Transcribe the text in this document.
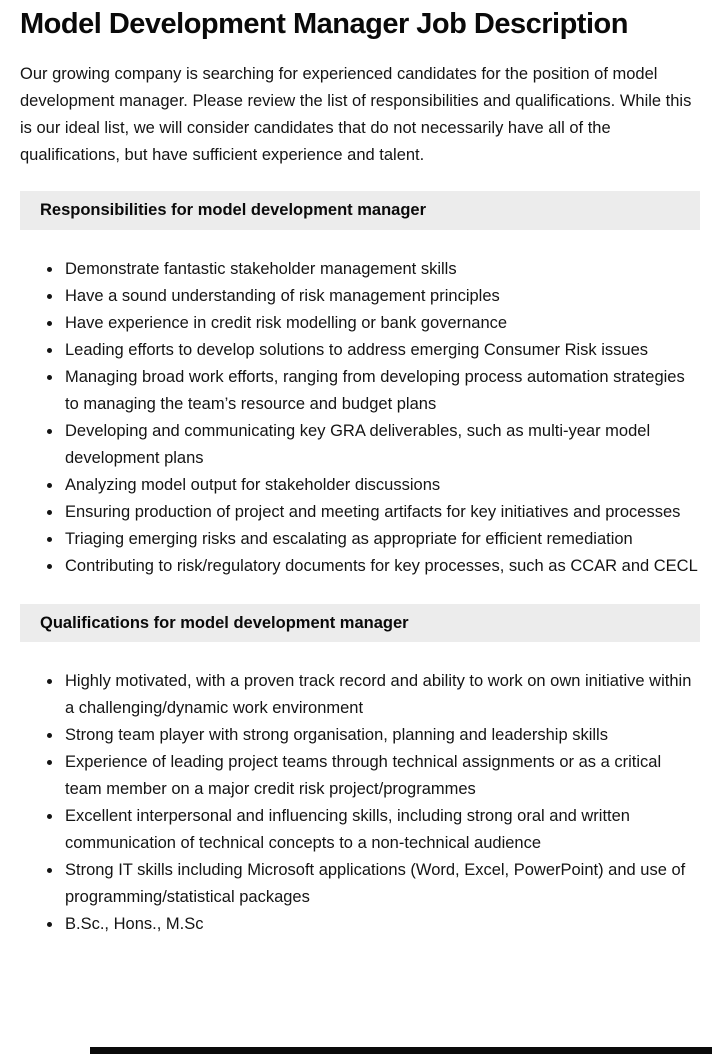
Model Development Manager Job Description

Our growing company is searching for experienced candidates for the position of model development manager. Please review the list of responsibilities and qualifications. While this is our ideal list, we will consider candidates that do not necessarily have all of the qualifications, but have sufficient experience and talent.

Responsibilities for model development manager
• Demonstrate fantastic stakeholder management skills
• Have a sound understanding of risk management principles
• Have experience in credit risk modelling or bank governance
• Leading efforts to develop solutions to address emerging Consumer Risk issues
• Managing broad work efforts, ranging from developing process automation strategies to managing the team’s resource and budget plans
• Developing and communicating key GRA deliverables, such as multi-year model development plans
• Analyzing model output for stakeholder discussions
• Ensuring production of project and meeting artifacts for key initiatives and processes
• Triaging emerging risks and escalating as appropriate for efficient remediation
• Contributing to risk/regulatory documents for key processes, such as CCAR and CECL
Qualifications for model development manager
• Highly motivated, with a proven track record and ability to work on own initiative within a challenging/dynamic work environment
• Strong team player with strong organisation, planning and leadership skills
• Experience of leading project teams through technical assignments or as a critical team member on a major credit risk project/programmes
• Excellent interpersonal and influencing skills, including strong oral and written communication of technical concepts to a non-technical audience
• Strong IT skills including Microsoft applications (Word, Excel, PowerPoint) and use of programming/statistical packages
• B.Sc., Hons., M.Sc
